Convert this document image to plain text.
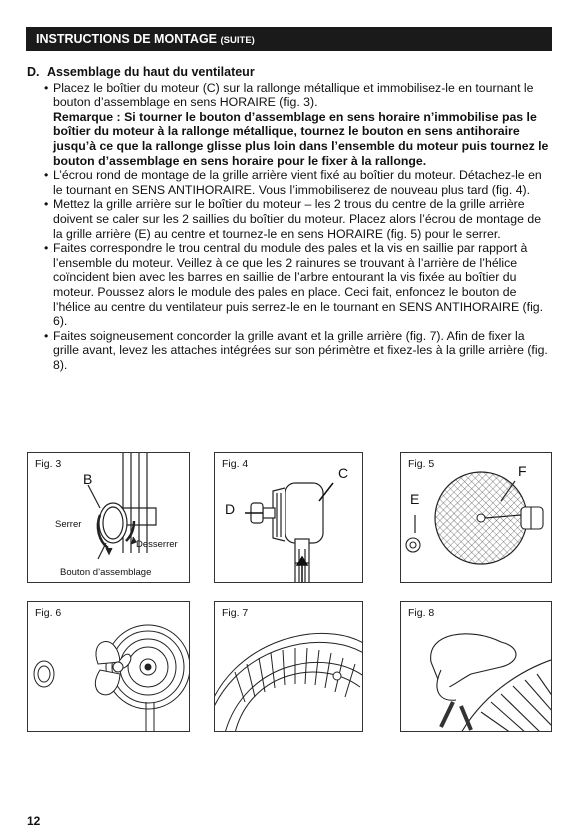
INSTRUCTIONS DE MONTAGE (SUITE)
D. Assemblage du haut du ventilateur
• Placez le boîtier du moteur (C) sur la rallonge métallique et immobilisez-le en tournant le bouton d’assemblage en sens HORAIRE (fig. 3).
Remarque : Si tourner le bouton d’assemblage en sens horaire n’immobilise pas le boîtier du moteur à la rallonge métallique, tournez le bouton en sens antihoraire jusqu’à ce que la rallonge glisse plus loin dans l’ensemble du moteur puis tournez le bouton d’assemblage en sens horaire pour le fixer à la rallonge.
• L’écrou rond de montage de la grille arrière vient fixé au boîtier du moteur. Détachez-le en le tournant en SENS ANTIHORAIRE. Vous l’immobiliserez de nouveau plus tard (fig. 4).
• Mettez la grille arrière sur le boîtier du moteur – les 2 trous du centre de la grille arrière doivent se caler sur les 2 saillies du boîtier du moteur. Placez alors l’écrou de montage de la grille arrière (E) au centre et tournez-le en sens HORAIRE (fig. 5) pour le serrer.
• Faites correspondre le trou central du module des pales et la vis en saillie par rapport à l’ensemble du moteur. Veillez à ce que les 2 rainures se trouvant à l’arrière de l’hélice coïncident bien avec les barres en saillie de l’arbre entourant la vis fixée au boîtier du moteur. Poussez alors le module des pales en place. Ceci fait, enfoncez le bouton de l’hélice au centre du ventilateur puis serrez-le en le tournant en SENS ANTIHORAIRE (fig. 6).
• Faites soigneusement concorder la grille avant et la grille arrière (fig. 7). Afin de fixer la grille avant, levez les attaches intégrées sur son périmètre et fixez-les à la grille arrière (fig. 8).
Fig. 3
B
Serrer
Desserrer
Bouton d’assemblage
Fig. 4
C
D
Fig. 5	F
E
Fig. 6	Fig. 7	Fig. 8
12
